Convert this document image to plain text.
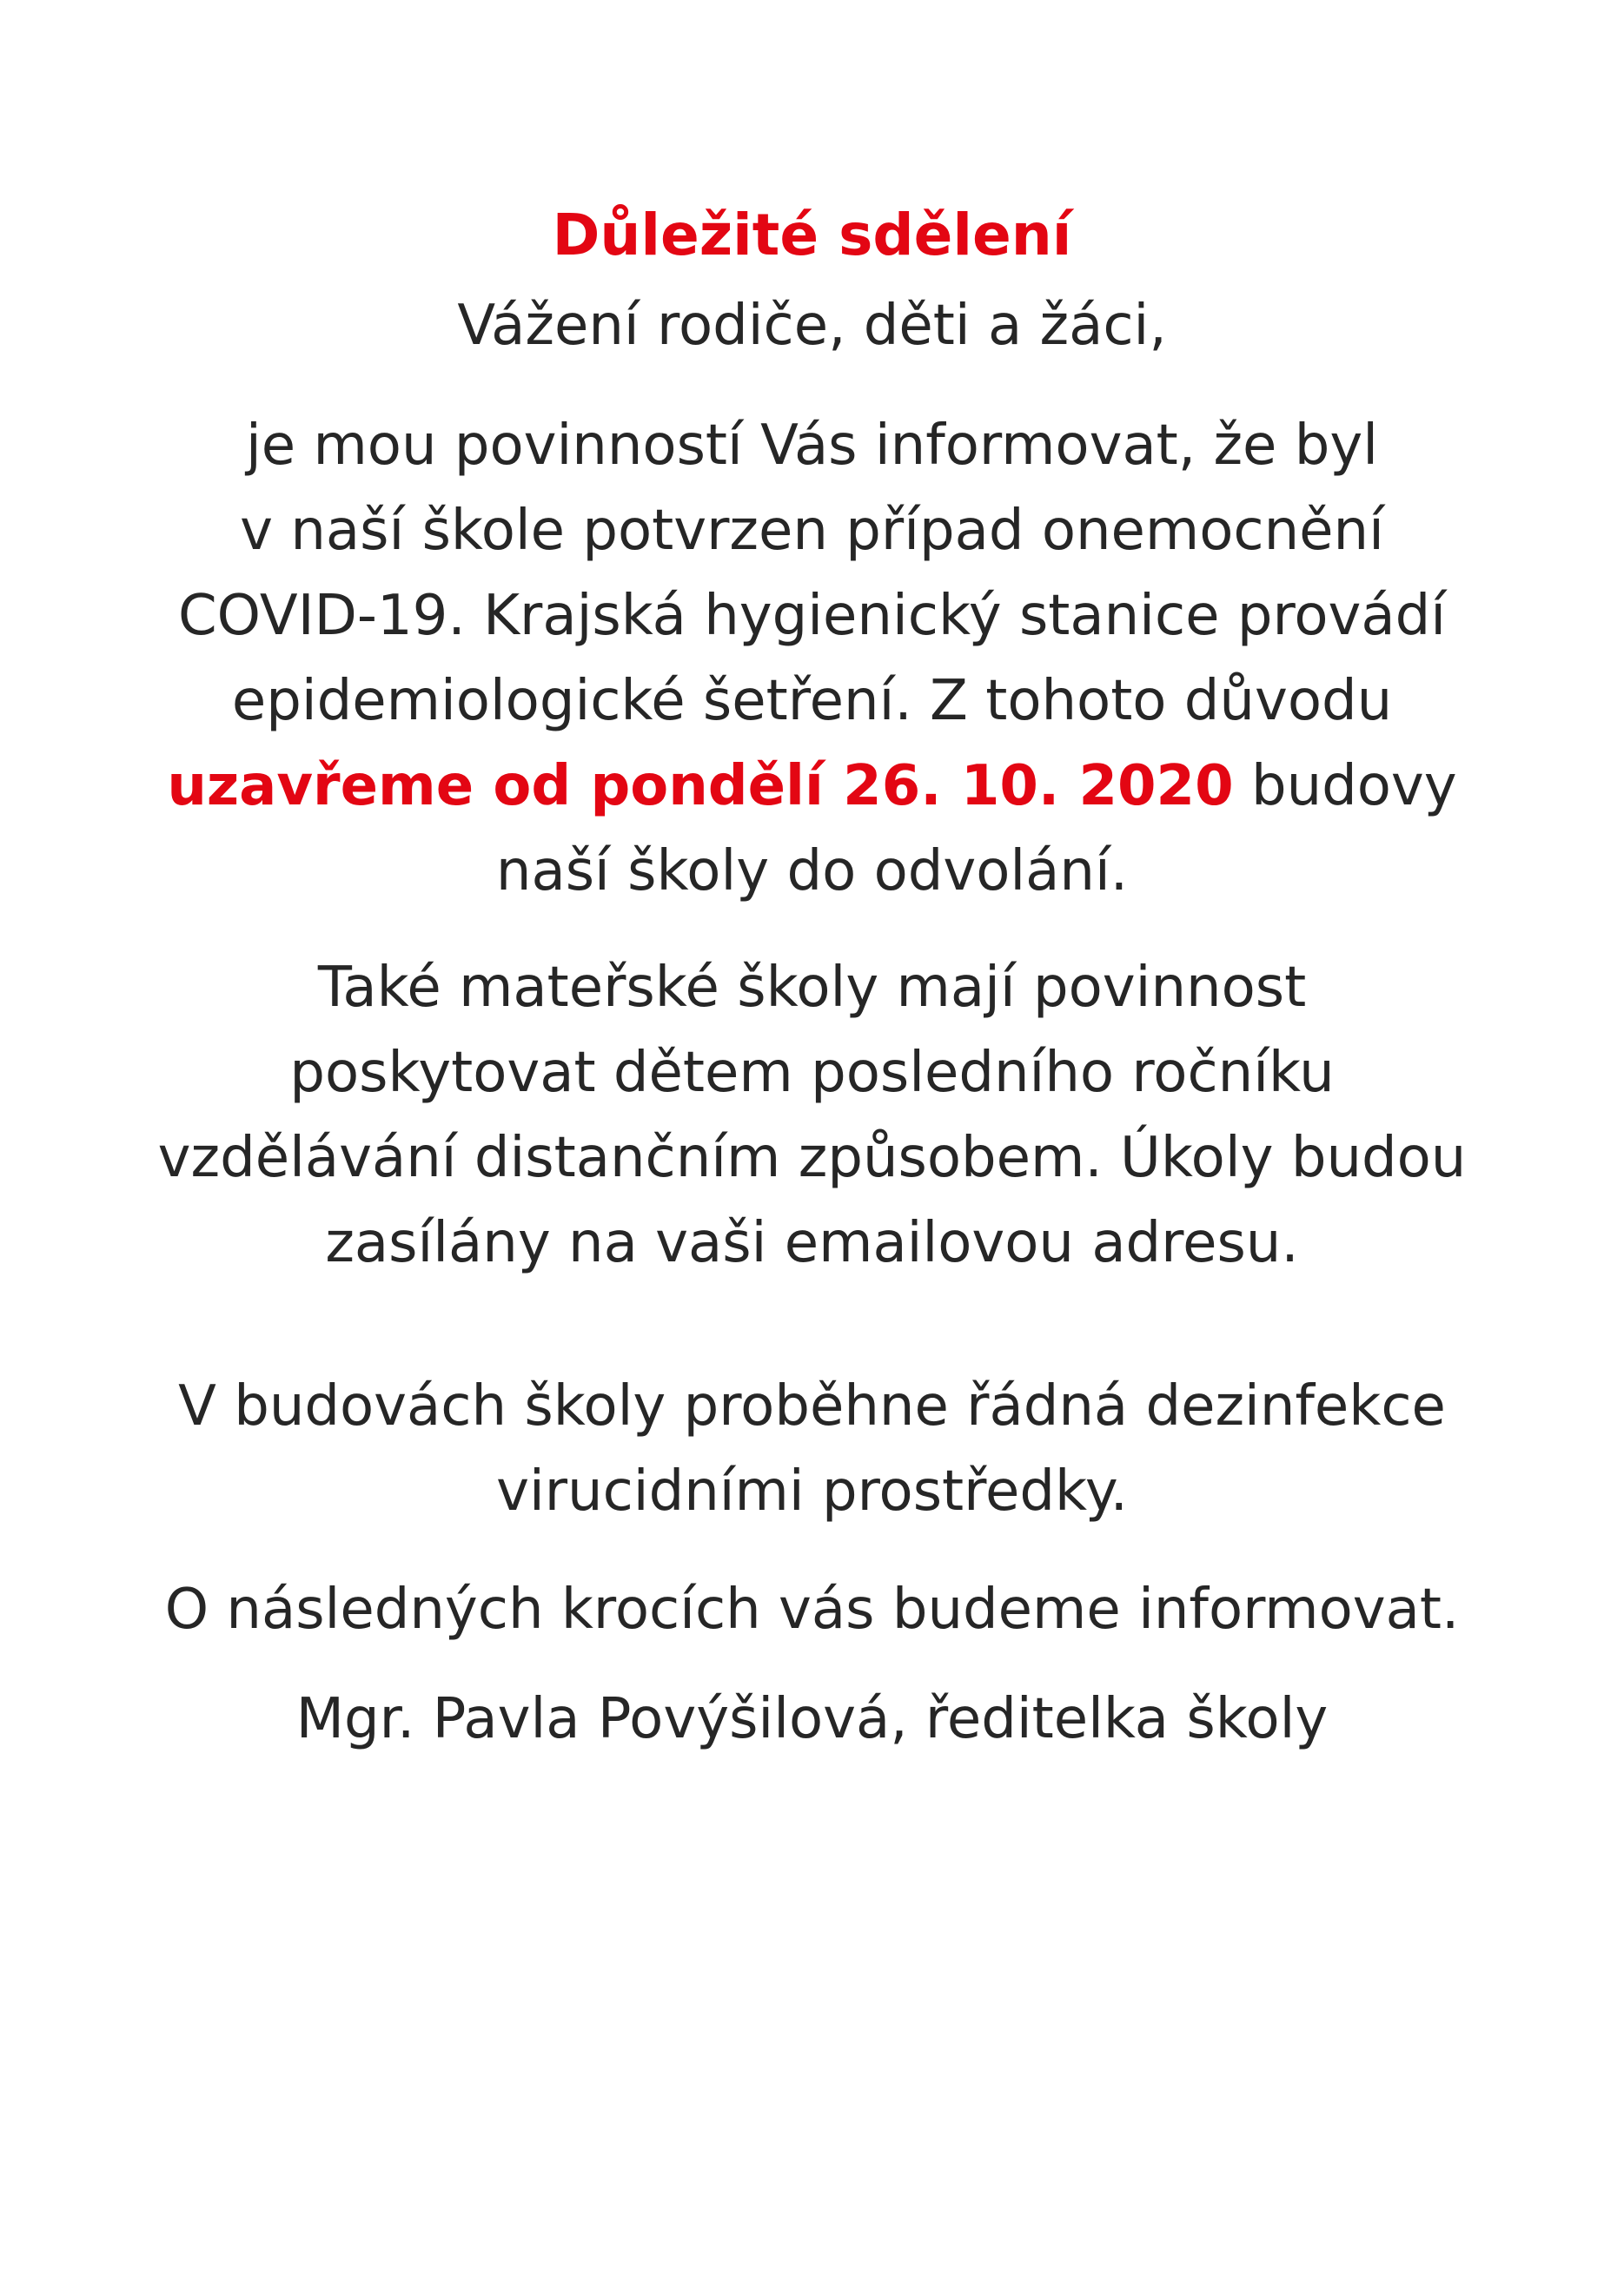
Důležité sdělení
Vážení rodiče, děti a žáci,
je mou povinností Vás informovat, že byl
v naší škole potvrzen případ onemocnění
COVID-19. Krajská hygienický stanice provádí
epidemiologické šetření. Z tohoto důvodu
uzavřeme od pondělí 26. 10. 2020 budovy
naší školy do odvolání.
Také mateřské školy mají povinnost
poskytovat dětem posledního ročníku
vzdělávání distančním způsobem. Úkoly budou
zasílány na vaši emailovou adresu.
V budovách školy proběhne řádná dezinfekce
virucidními prostředky.
O následných krocích vás budeme informovat.
Mgr. Pavla Povýšilová, ředitelka školy
